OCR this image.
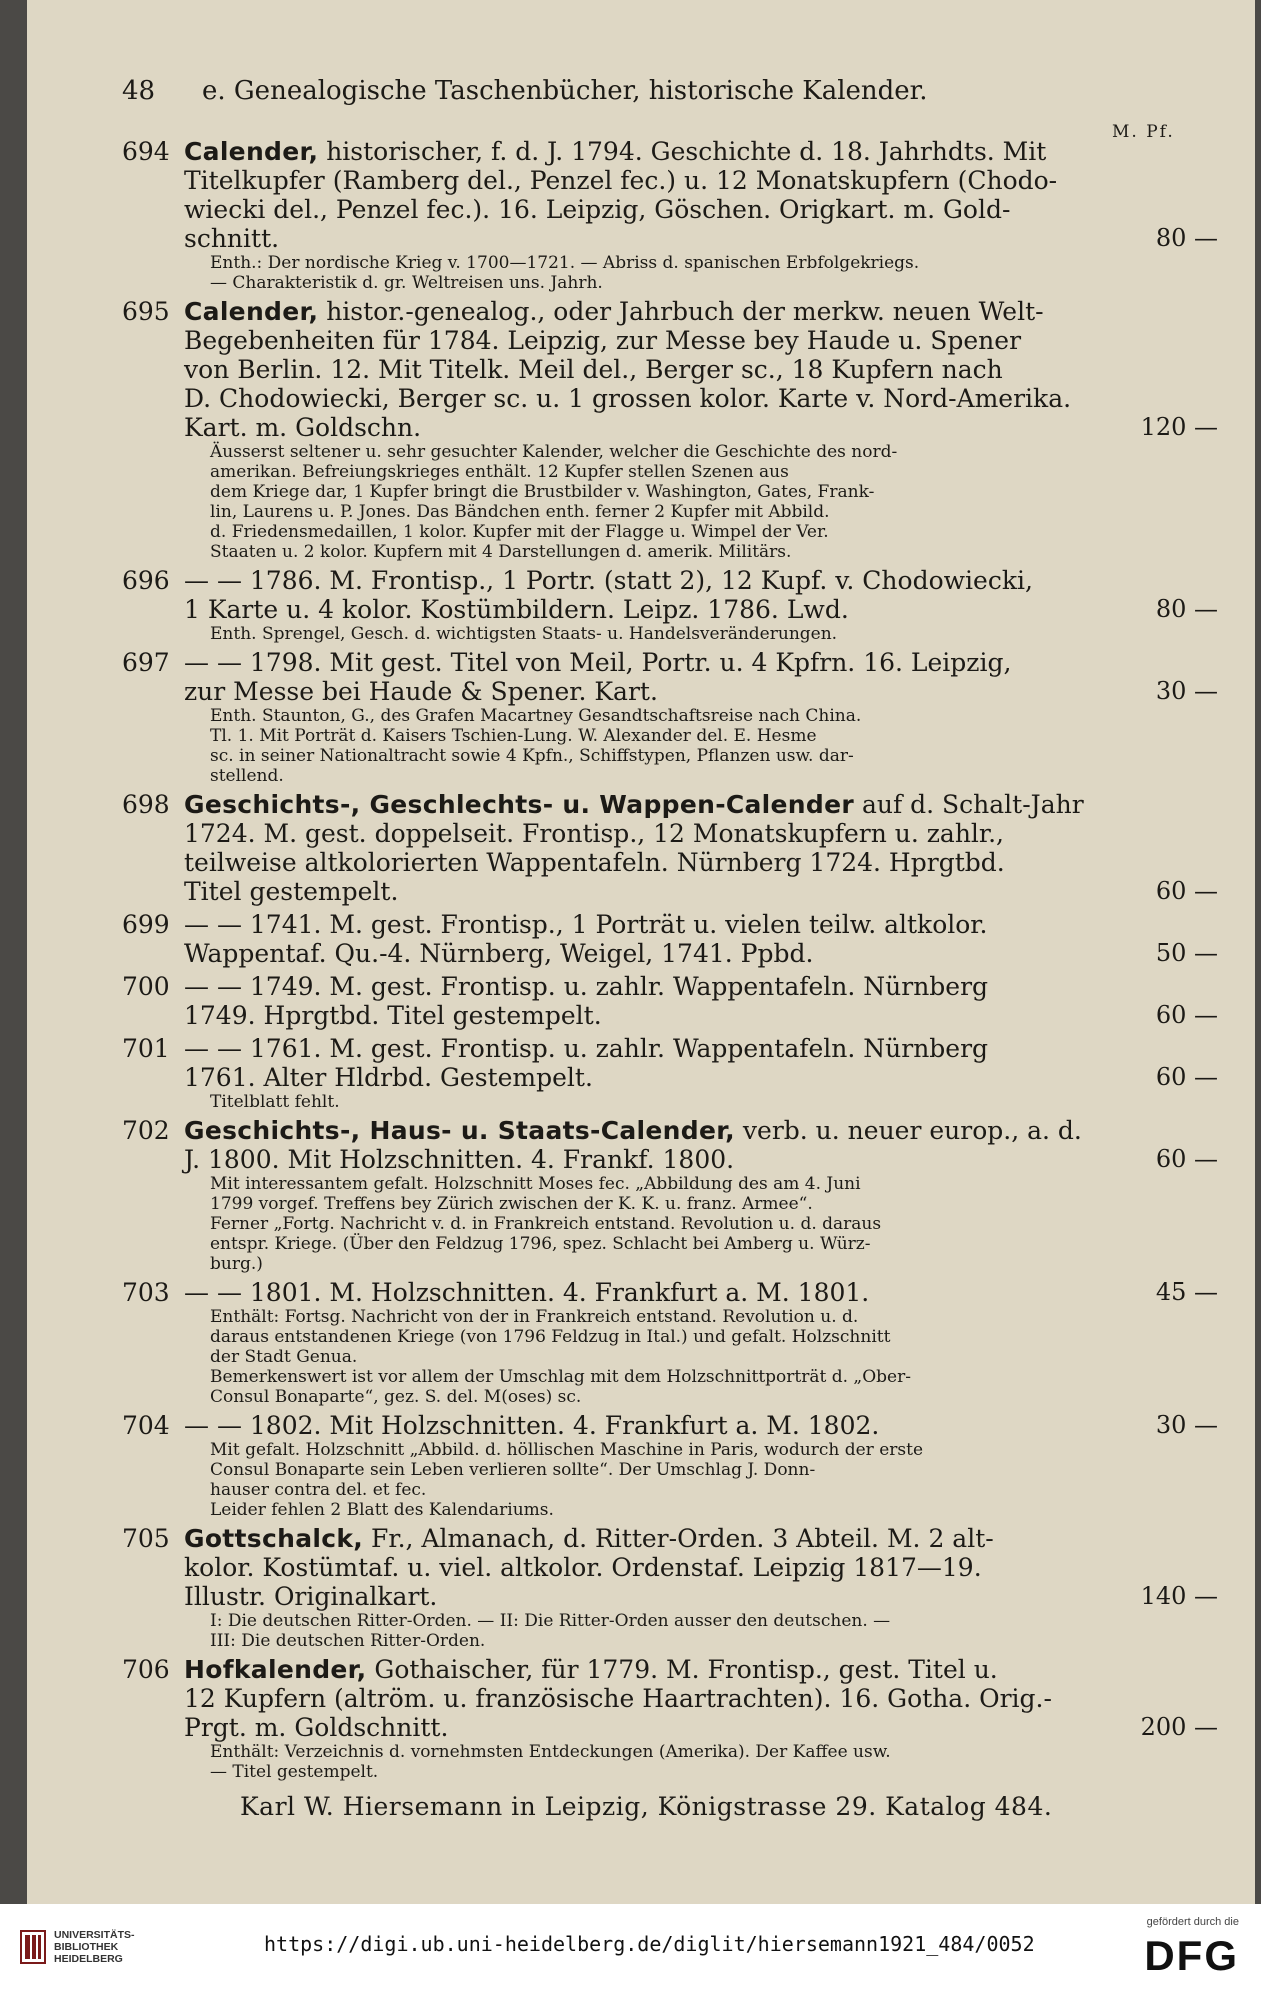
48	e. Genealogische Taschenbücher, historische Kalender.
M. Pf.
694 Calender, historischer, f. d. J. 1794. Geschichte d. 18. Jahrhdts. Mit
Titelkupfer (Ramberg del., Penzel fec.) u. 12 Monatskupfern (Chodo-
wiecki del., Penzel fec.). 16. Leipzig, Göschen. Origkart. m. Gold-
schnitt.	80 —

Enth.: Der nordische Krieg v. 1700—1721. — Abriss d. spanischen Erbfolgekriegs.

— Charakteristik d. gr. Weltreisen uns. Jahrh.

695 Calender, histor.-genealog., oder Jahrbuch der merkw. neuen Welt-
Begebenheiten für 1784. Leipzig, zur Messe bey Haude u. Spener
von Berlin. 12. Mit Titelk. Meil del., Berger sc., 18 Kupfern nach
D. Chodowiecki, Berger sc. u. 1 grossen kolor. Karte v. Nord-Amerika.
Kart. m. Goldschn.	120 —

Äusserst seltener u. sehr gesuchter Kalender, welcher die Geschichte des nord-

amerikan. Befreiungskrieges enthält. 12 Kupfer stellen Szenen aus

dem Kriege dar, 1 Kupfer bringt die Brustbilder v. Washington, Gates, Frank-

lin, Laurens u. P. Jones. Das Bändchen enth. ferner 2 Kupfer mit Abbild.

d. Friedensmedaillen, 1 kolor. Kupfer mit der Flagge u. Wimpel der Ver.

Staaten u. 2 kolor. Kupfern mit 4 Darstellungen d. amerik. Militärs.

696 — — 1786. M. Frontisp., 1 Portr. (statt 2), 12 Kupf. v. Chodowiecki,
1 Karte u. 4 kolor. Kostümbildern. Leipz. 1786. Lwd.	80 —

Enth. Sprengel, Gesch. d. wichtigsten Staats- u. Handelsveränderungen.

697 — — 1798. Mit gest. Titel von Meil, Portr. u. 4 Kpfrn. 16. Leipzig,
zur Messe bei Haude & Spener. Kart.	30 —

Enth. Staunton, G., des Grafen Macartney Gesandtschaftsreise nach China.

Tl. 1. Mit Porträt d. Kaisers Tschien-Lung. W. Alexander del. E. Hesme

sc. in seiner Nationaltracht sowie 4 Kpfn., Schiffstypen, Pflanzen usw. dar-

stellend.

698 Geschichts-, Geschlechts- u. Wappen-Calender auf d. Schalt-Jahr
1724. M. gest. doppelseit. Frontisp., 12 Monatskupfern u. zahlr.,
teilweise altkolorierten Wappentafeln. Nürnberg 1724. Hprgtbd.
Titel gestempelt.	60 —
699 — — 1741. M. gest. Frontisp., 1 Porträt u. vielen teilw. altkolor.
Wappentaf. Qu.-4. Nürnberg, Weigel, 1741. Ppbd.	50 —
700 — — 1749. M. gest. Frontisp. u. zahlr. Wappentafeln. Nürnberg
1749. Hprgtbd. Titel gestempelt.	60 —
701 — — 1761. M. gest. Frontisp. u. zahlr. Wappentafeln. Nürnberg
1761. Alter Hldrbd. Gestempelt.	60 —

Titelblatt fehlt.

702 Geschichts-, Haus- u. Staats-Calender, verb. u. neuer europ., a. d.
J. 1800. Mit Holzschnitten. 4. Frankf. 1800.	60 —

Mit interessantem gefalt. Holzschnitt Moses fec. „Abbildung des am 4. Juni

1799 vorgef. Treffens bey Zürich zwischen der K. K. u. franz. Armee“.

Ferner „Fortg. Nachricht v. d. in Frankreich entstand. Revolution u. d. daraus

entspr. Kriege. (Über den Feldzug 1796, spez. Schlacht bei Amberg u. Würz-

burg.)

703 — — 1801. M. Holzschnitten. 4. Frankfurt a. M. 1801.	45 —

Enthält: Fortsg. Nachricht von der in Frankreich entstand. Revolution u. d.

daraus entstandenen Kriege (von 1796 Feldzug in Ital.) und gefalt. Holzschnitt

der Stadt Genua.

Bemerkenswert ist vor allem der Umschlag mit dem Holzschnittporträt d. „Ober-

Consul Bonaparte“, gez. S. del. M(oses) sc.

704 — — 1802. Mit Holzschnitten. 4. Frankfurt a. M. 1802.	30 —

Mit gefalt. Holzschnitt „Abbild. d. höllischen Maschine in Paris, wodurch der erste

Consul Bonaparte sein Leben verlieren sollte“. Der Umschlag J. Donn-

hauser contra del. et fec.

Leider fehlen 2 Blatt des Kalendariums.

705 Gottschalck, Fr., Almanach, d. Ritter-Orden. 3 Abteil. M. 2 alt-
kolor. Kostümtaf. u. viel. altkolor. Ordenstaf. Leipzig 1817—19.
Illustr. Originalkart.	140 —

I: Die deutschen Ritter-Orden. — II: Die Ritter-Orden ausser den deutschen. —

III: Die deutschen Ritter-Orden.

706 Hofkalender, Gothaischer, für 1779. M. Frontisp., gest. Titel u.
12 Kupfern (altröm. u. französische Haartrachten). 16. Gotha. Orig.-
Prgt. m. Goldschnitt.	200 —

Enthält: Verzeichnis d. vornehmsten Entdeckungen (Amerika). Der Kaffee usw.

— Titel gestempelt.

Karl W. Hiersemann in Leipzig, Königstrasse 29. Katalog 484.
UNIVERSITÄTS-
BIBLIOTHEK
HEIDELBERG
https://digi.ub.uni-heidelberg.de/diglit/hiersemann1921_484/0052
gefördert durch die
DFG
